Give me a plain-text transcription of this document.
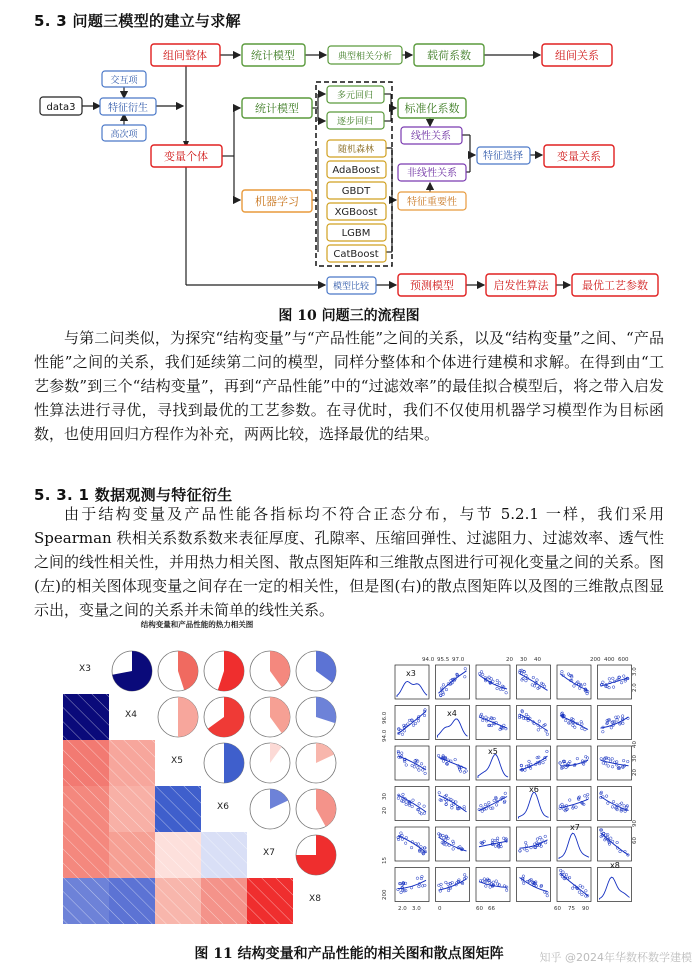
5. 3 问题三模型的建立与求解
data3
交互项
特征衍生
高次项
组间整体
变量个体
统计模型	典型相关分析	载荷系数	组间关系
统计模型
多元回归
逐步回归
标准化系数
线性关系
非线性关系
特征选择	变量关系
机器学习
随机森林
AdaBoost
GBDT
XGBoost
LGBM
CatBoost
特征重要性
模型比较	预测模型	启发性算法	最优工艺参数
图 10 问题三的流程图
与第二问类似，为探究“结构变量”与“产品性能”之间的关系，以及“结构变量”之间、“产品性能”之间的关系，我们延续第二问的模型，同样分整体和个体进行建模和求解。在得到由“工艺参数”到三个“结构变量”，再到“产品性能”中的“过滤效率”的最佳拟合模型后，将之带入启发性算法进行寻优，寻找到最优的工艺参数。在寻优时，我们不仅使用机器学习模型作为目标函数，也使用回归方程作为补充，两两比较，选择最优的结果。
5. 3. 1 数据观测与特征衍生
由于结构变量及产品性能各指标均不符合正态分布，与节 5.2.1 一样，我们采用 Spearman 秩相关系数系数来表征厚度、孔隙率、压缩回弹性、过滤阻力、过滤效率、透气性之间的线性相关性，并用热力相关图、散点图矩阵和三维散点图进行可视化变量之间的关系。图(左)的相关图体现变量之间存在一定的相关性，但是图(右)的散点图矩阵以及图的三维散点图显示出，变量之间的关系并未简单的线性关系。
结构变量和产品性能的热力相关图
X3
X4
X5
X6
X7
X8
94.0 95.5 97.0	20 30 40	200 400 600
96.0
94.0
30
20
15
200
3.0
2.0
40
30
20
90
60
2.0 3.0	0	60 66	60 75 90
x3
x4
x5
x6
x7
x8
图 11 结构变量和产品性能的相关图和散点图矩阵	知乎 @2024年华数杯数学建模
